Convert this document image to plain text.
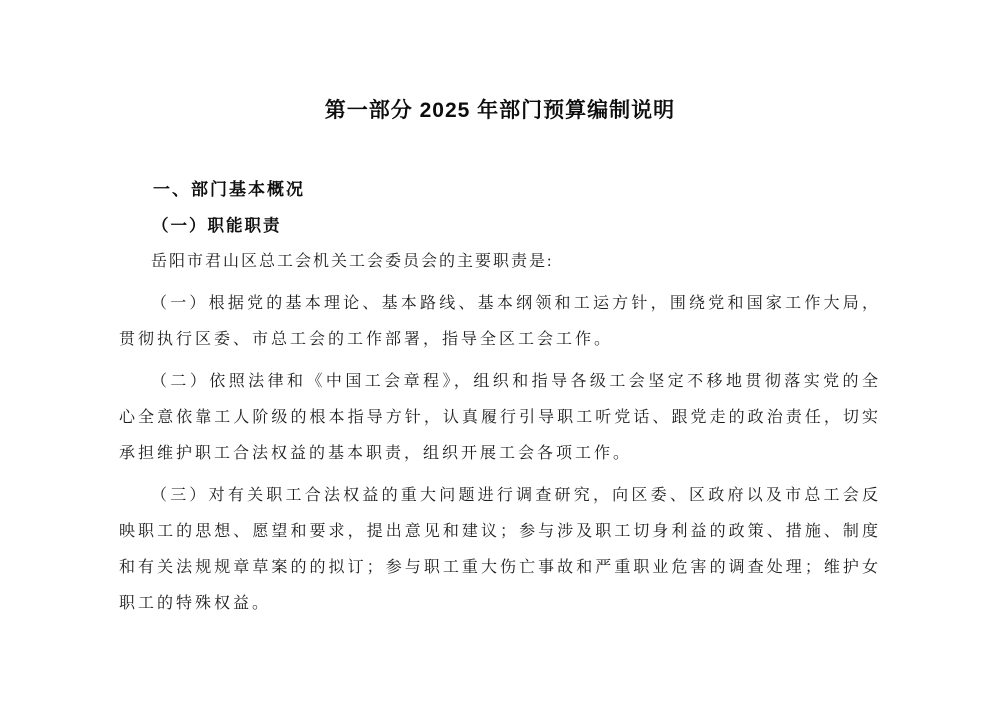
第一部分 2025 年部门预算编制说明
一、部门基本概况
（一）职能职责

岳阳市君山区总工会机关工会委员会的主要职责是:

（一）根据党的基本理论、基本路线、基本纲领和工运方针，围绕党和国家工作大局，贯彻执行区委、市总工会的工作部署，指导全区工会工作。

（二）依照法律和《中国工会章程》，组织和指导各级工会坚定不移地贯彻落实党的全心全意依靠工人阶级的根本指导方针，认真履行引导职工听党话、跟党走的政治责任，切实承担维护职工合法权益的基本职责，组织开展工会各项工作。

（三）对有关职工合法权益的重大问题进行调查研究，向区委、区政府以及市总工会反映职工的思想、愿望和要求，提出意见和建议；参与涉及职工切身利益的政策、措施、制度和有关法规规章草案的的拟订；参与职工重大伤亡事故和严重职业危害的调查处理；维护女职工的特殊权益。
